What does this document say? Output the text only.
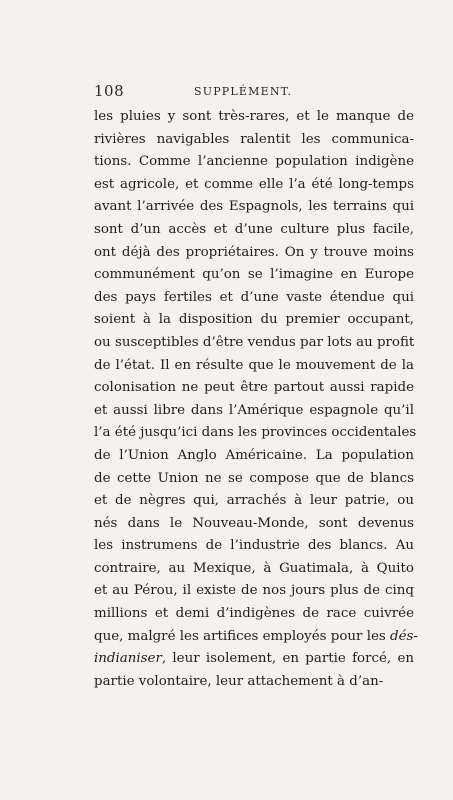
108	SUPPLÉMENT.
les pluies y sont très-rares, et le manque de
rivières navigables ralentit les communica-
tions. Comme l’ancienne population indigène
est agricole, et comme elle l’a été long-temps
avant l’arrivée des Espagnols, les terrains qui
sont d’un accès et d’une culture plus facile,
ont déjà des propriétaires. On y trouve moins
communément qu’on se l’imagine en Europe
des pays fertiles et d’une vaste étendue qui
soient à la disposition du premier occupant,
ou susceptibles d’être vendus par lots au profit
de l’état. Il en résulte que le mouvement de la
colonisation ne peut être partout aussi rapide
et aussi libre dans l’Amérique espagnole qu’il
l’a été jusqu’ici dans les provinces occidentales
de l’Union Anglo Américaine. La population
de cette Union ne se compose que de blancs
et de nègres qui, arrachés à leur patrie, ou
nés dans le Nouveau-Monde, sont devenus
les instrumens de l’industrie des blancs. Au
contraire, au Mexique, à Guatimala, à Quito
et au Pérou, il existe de nos jours plus de cinq
millions et demi d’indigènes de race cuivrée
que, malgré les artifices employés pour les dés-
indianiser, leur isolement, en partie forcé, en
partie volontaire, leur attachement à d’an-
